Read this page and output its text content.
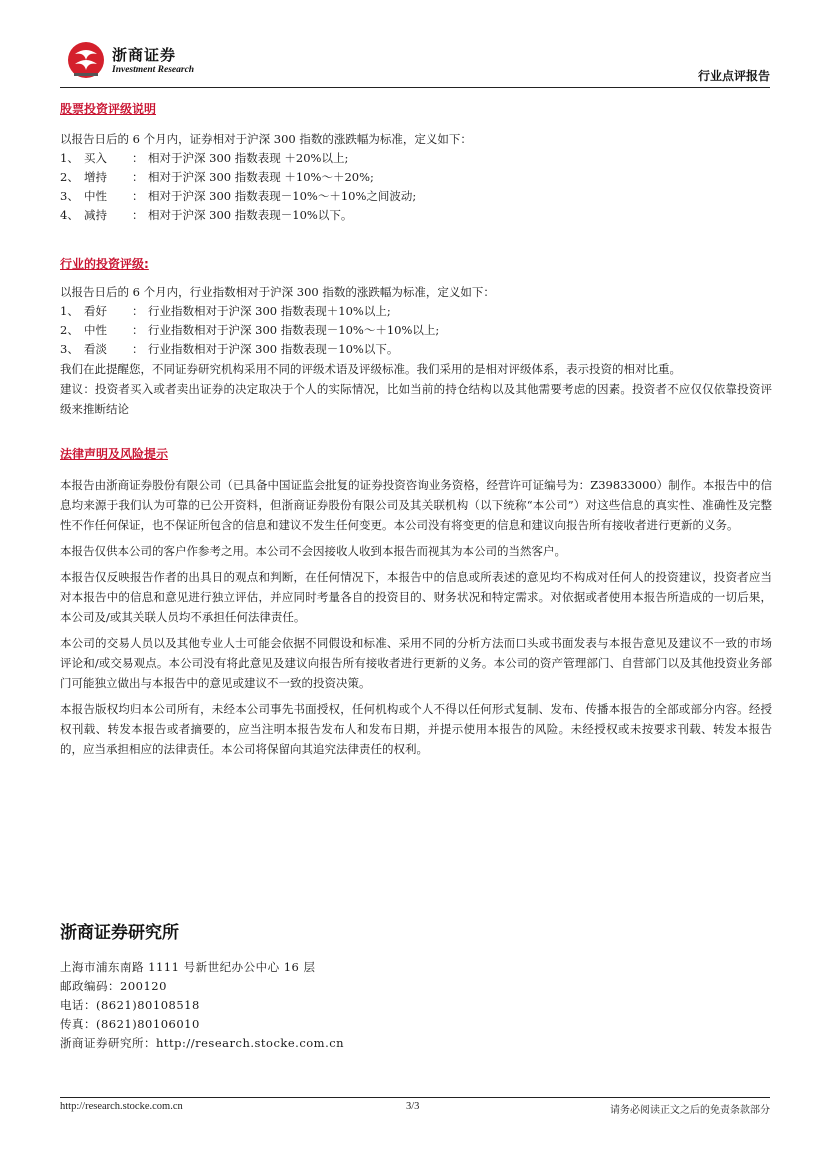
浙商证券
Investment Research	行业点评报告
股票投资评级说明

以报告日后的 6 个月内，证券相对于沪深 300 指数的涨跌幅为标准，定义如下：

1、 买入	： 相对于沪深 300 指数表现 ＋20%以上;
2、 增持	： 相对于沪深 300 指数表现 ＋10%～＋20%;
3、 中性	： 相对于沪深 300 指数表现－10%～＋10%之间波动;
4、 减持	： 相对于沪深 300 指数表现－10%以下。
行业的投资评级:

以报告日后的 6 个月内，行业指数相对于沪深 300 指数的涨跌幅为标准，定义如下：

1、 看好	： 行业指数相对于沪深 300 指数表现＋10%以上;
2、 中性	： 行业指数相对于沪深 300 指数表现－10%～＋10%以上;
3、 看淡	： 行业指数相对于沪深 300 指数表现－10%以下。

我们在此提醒您，不同证券研究机构采用不同的评级术语及评级标准。我们采用的是相对评级体系，表示投资的相对比重。

建议：投资者买入或者卖出证券的决定取决于个人的实际情况，比如当前的持仓结构以及其他需要考虑的因素。投资者不应仅仅依靠投资评级来推断结论

法律声明及风险提示

本报告由浙商证券股份有限公司（已具备中国证监会批复的证券投资咨询业务资格，经营许可证编号为：Z39833000）制作。本报告中的信息均来源于我们认为可靠的已公开资料，但浙商证券股份有限公司及其关联机构（以下统称“本公司”）对这些信息的真实性、准确性及完整性不作任何保证，也不保证所包含的信息和建议不发生任何变更。本公司没有将变更的信息和建议向报告所有接收者进行更新的义务。

本报告仅供本公司的客户作参考之用。本公司不会因接收人收到本报告而视其为本公司的当然客户。

本报告仅反映报告作者的出具日的观点和判断，在任何情况下，本报告中的信息或所表述的意见均不构成对任何人的投资建议，投资者应当对本报告中的信息和意见进行独立评估，并应同时考量各自的投资目的、财务状况和特定需求。对依据或者使用本报告所造成的一切后果，本公司及/或其关联人员均不承担任何法律责任。

本公司的交易人员以及其他专业人士可能会依据不同假设和标准、采用不同的分析方法而口头或书面发表与本报告意见及建议不一致的市场评论和/或交易观点。本公司没有将此意见及建议向报告所有接收者进行更新的义务。本公司的资产管理部门、自营部门以及其他投资业务部门可能独立做出与本报告中的意见或建议不一致的投资决策。

本报告版权均归本公司所有，未经本公司事先书面授权，任何机构或个人不得以任何形式复制、发布、传播本报告的全部或部分内容。经授权刊载、转发本报告或者摘要的，应当注明本报告发布人和发布日期，并提示使用本报告的风险。未经授权或未按要求刊载、转发本报告的，应当承担相应的法律责任。本公司将保留向其追究法律责任的权利。

浙商证券研究所

上海市浦东南路 1111 号新世纪办公中心 16 层

邮政编码：200120

电话：(8621)80108518

传真：(8621)80106010

浙商证券研究所：http://research.stocke.com.cn

http://research.stocke.com.cn	3/3	请务必阅读正文之后的免责条款部分
